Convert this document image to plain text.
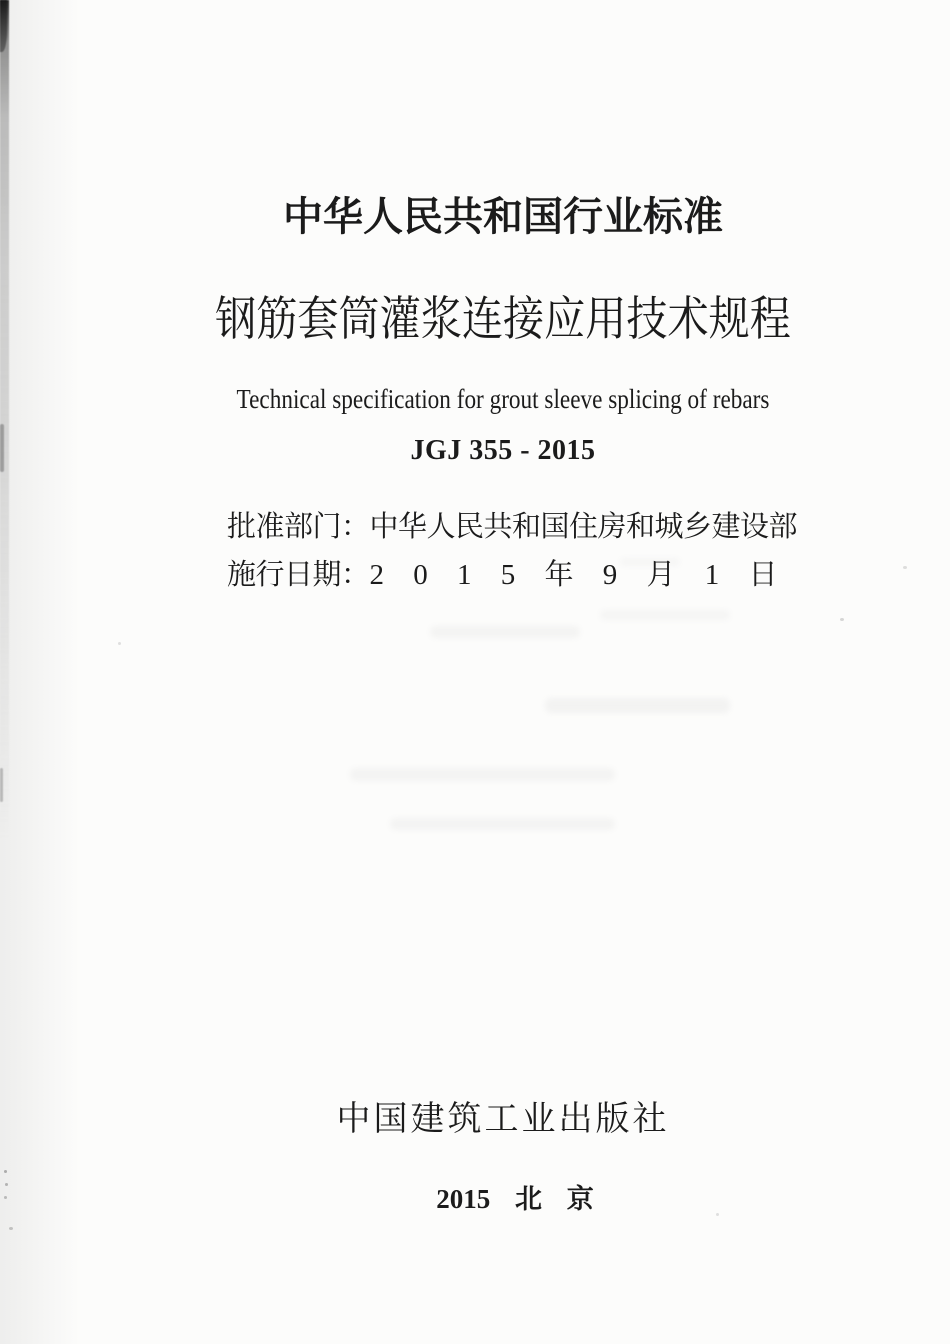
中华人民共和国行业标准
钢筋套筒灌浆连接应用技术规程
Technical specification for grout sleeve splicing of rebars
JGJ 355 - 2015
批准部门：中华人民共和国住房和城乡建设部
施行日期：2 0 1 5 年 9 月 1 日
中国建筑工业出版社
2015 北 京
